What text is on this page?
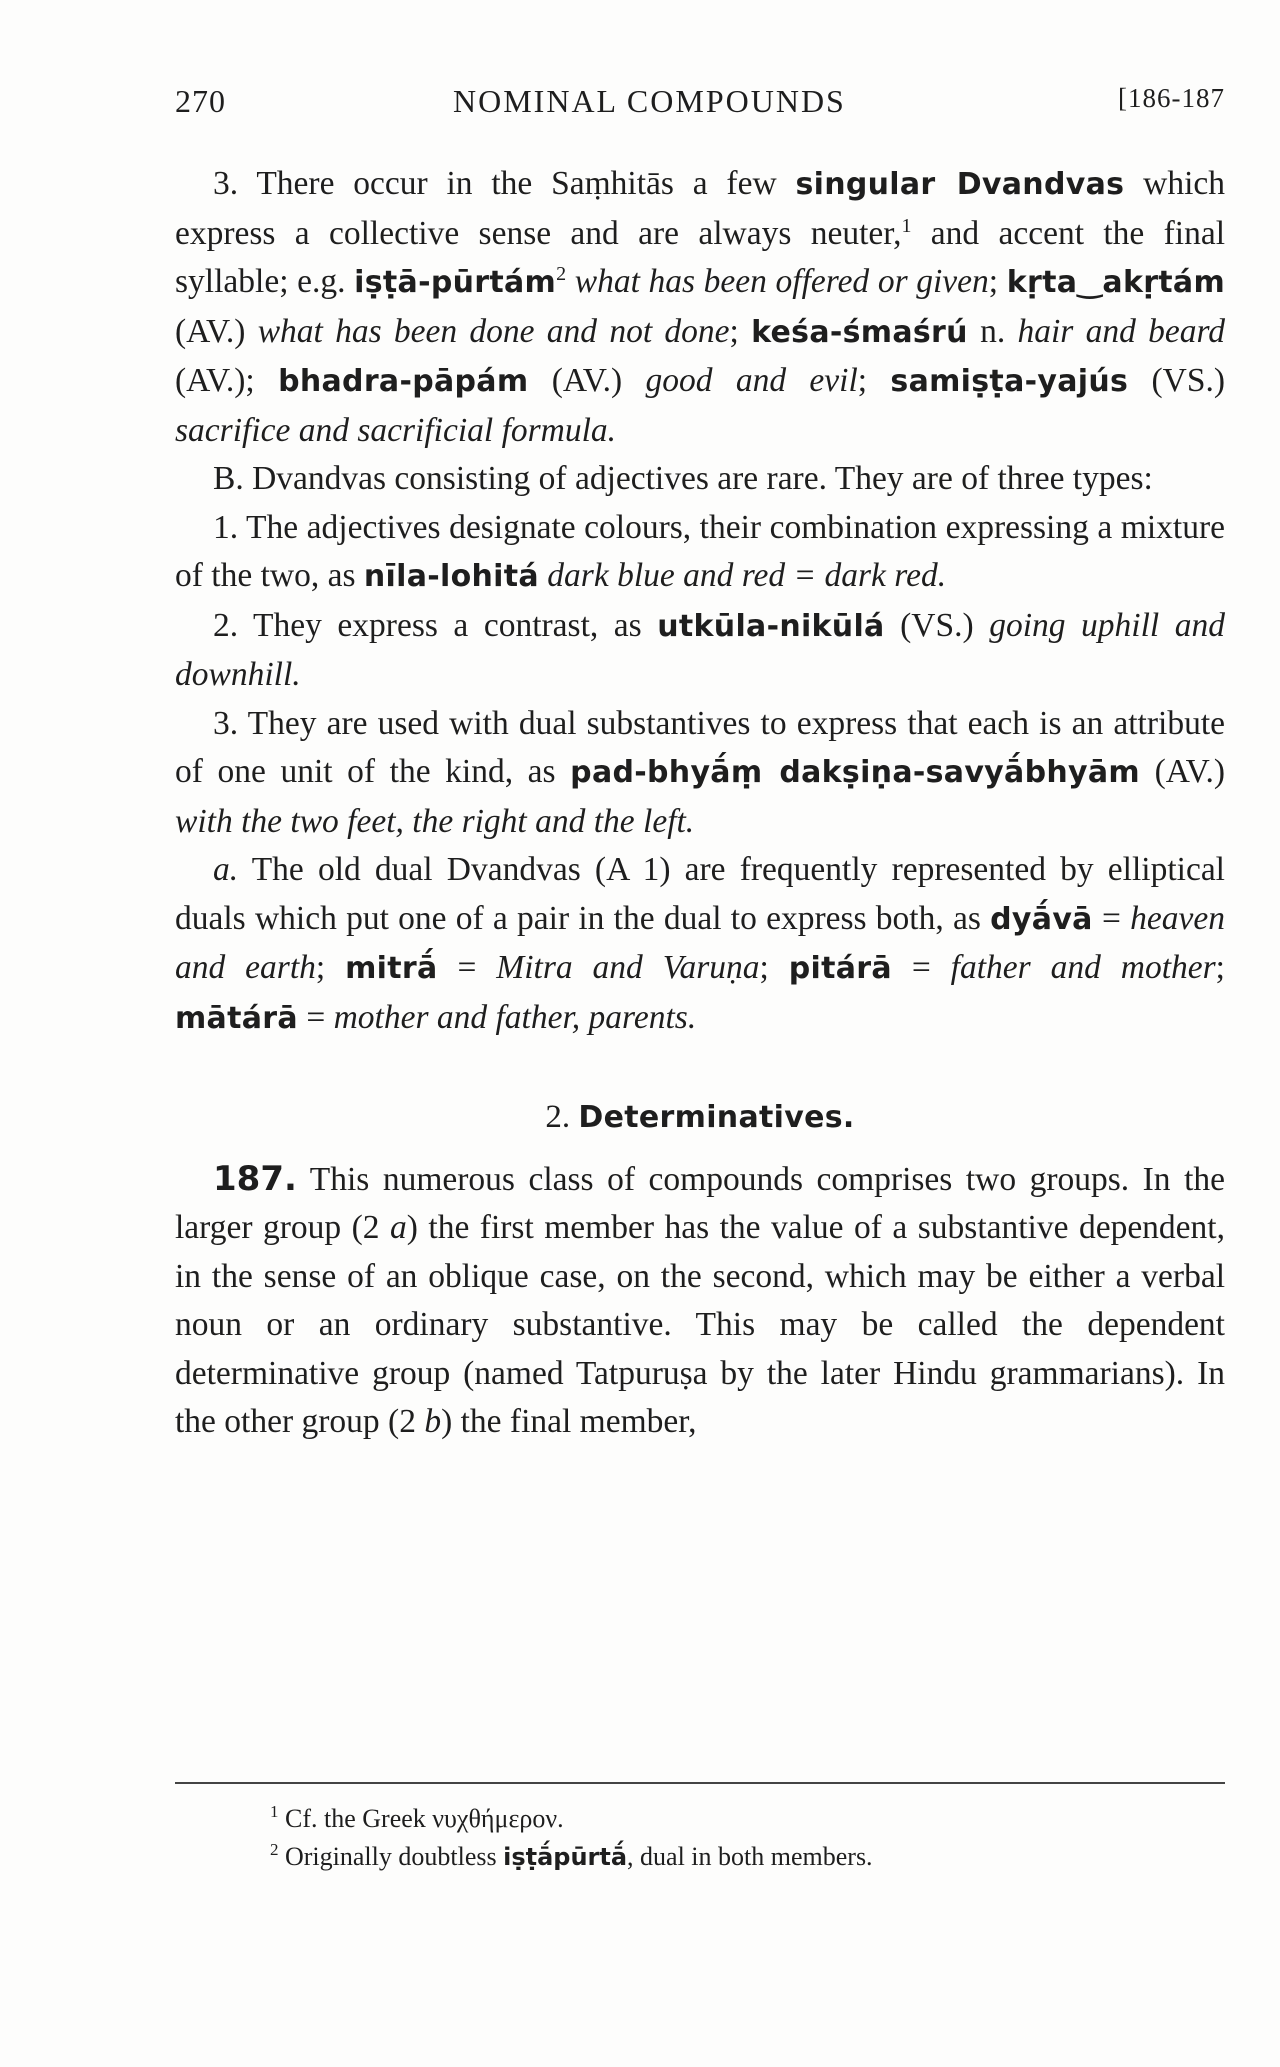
270	NOMINAL COMPOUNDS	[186-187

3. There occur in the Saṃhitās a few singular Dvandvas which express a collective sense and are always neuter,$^1$ and accent the final syllable; e.g. iṣṭā-pūrtám$^2$ what has been offered or given; kṛta‿akṛtám (AV.) what has been done and not done; keśa-śmaśrú n. hair and beard (AV.); bhadra-pāpám (AV.) good and evil; samiṣṭa-yajús (VS.) sacrifice and sacrificial formula.

B. Dvandvas consisting of adjectives are rare. They are of three types:

1. The adjectives designate colours, their combination expressing a mixture of the two, as nīla-lohitá dark blue and red = dark red.

2. They express a contrast, as utkūla-nikūlá (VS.) going uphill and downhill.

3. They are used with dual substantives to express that each is an attribute of one unit of the kind, as pad-bhyā́ṃ dakṣiṇa-savyā́bhyām (AV.) with the two feet, the right and the left.

a. The old dual Dvandvas (A 1) are frequently represented by elliptical duals which put one of a pair in the dual to express both, as dyā́vā = heaven and earth; mitrā́ = Mitra and Varuṇa; pitárā = father and mother; mātárā = mother and father, parents.

2. Determinatives.

187. This numerous class of compounds comprises two groups. In the larger group (2 a) the first member has the value of a substantive dependent, in the sense of an oblique case, on the second, which may be either a verbal noun or an ordinary substantive. This may be called the dependent determinative group (named Tatpuruṣa by the later Hindu grammarians). In the other group (2 b) the final member,

$^1$ Cf. the Greek νυχθήμερον.

$^2$ Originally doubtless iṣṭā́pūrtā́, dual in both members.
